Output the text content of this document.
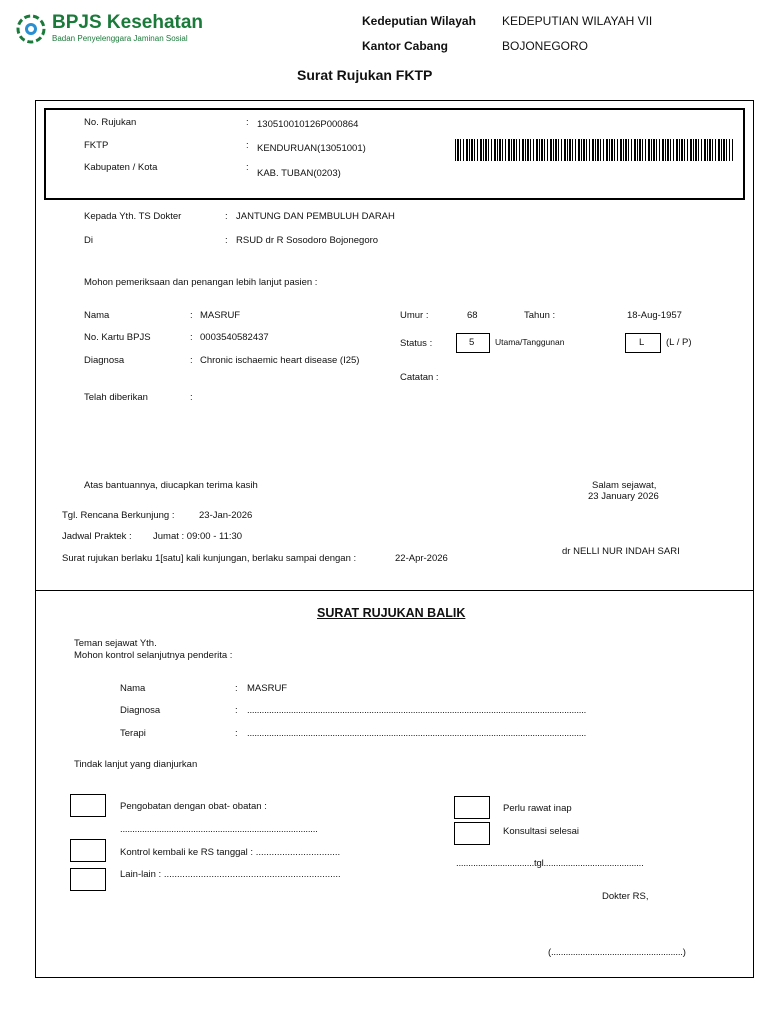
BPJS Kesehatan
Badan Penyelenggara Jaminan Sosial
Kedeputian Wilayah KEDEPUTIAN WILAYAH VII
Kantor Cabang	BOJONEGORO
Surat Rujukan FKTP
No. Rujukan	: 130510010126P000864
FKTP	: KENDURUAN(13051001)
Kabupaten / Kota	:
KAB. TUBAN(0203)
Kepada Yth. TS Dokter	: JANTUNG DAN PEMBULUH DARAH
Di	: RSUD dr R Sosodoro Bojonegoro
Mohon pemeriksaan dan penangan lebih lanjut pasien :
Nama	: MASRUF
No. Kartu BPJS	: 0003540582437
Diagnosa	: Chronic ischaemic heart disease (I25)
Telah diberikan	:
Umur :	68	Tahun :	18-Aug-1957
Status :	5 Utama/Tanggunan	L (L / P)
Catatan :
Atas bantuannya, diucapkan terima kasih	Salam sejawat,
23 January 2026
Tgl. Rencana Berkunjung :	23-Jan-2026
Jadwal Praktek : Jumat : 09:00 - 11:30
Surat rujukan berlaku 1[satu] kali kunjungan, berlaku sampai dengan :	22-Apr-2026
dr NELLI NUR INDAH SARI
SURAT RUJUKAN BALIK
Teman sejawat Yth.
Mohon kontrol selanjutnya penderita :
Nama	: MASRUF
Diagnosa	: ...........................................................................................................................................
Terapi	: ...........................................................................................................................................
Tindak lanjut yang dianjurkan
Pengobatan dengan obat- obatan :
.................................................................................
Kontrol kembali ke RS tanggal : ................................
Lain-lain : ...................................................................
Perlu rawat inap
Konsultasi selesai
................................tgl.........................................
Dokter RS,
(......................................................)
